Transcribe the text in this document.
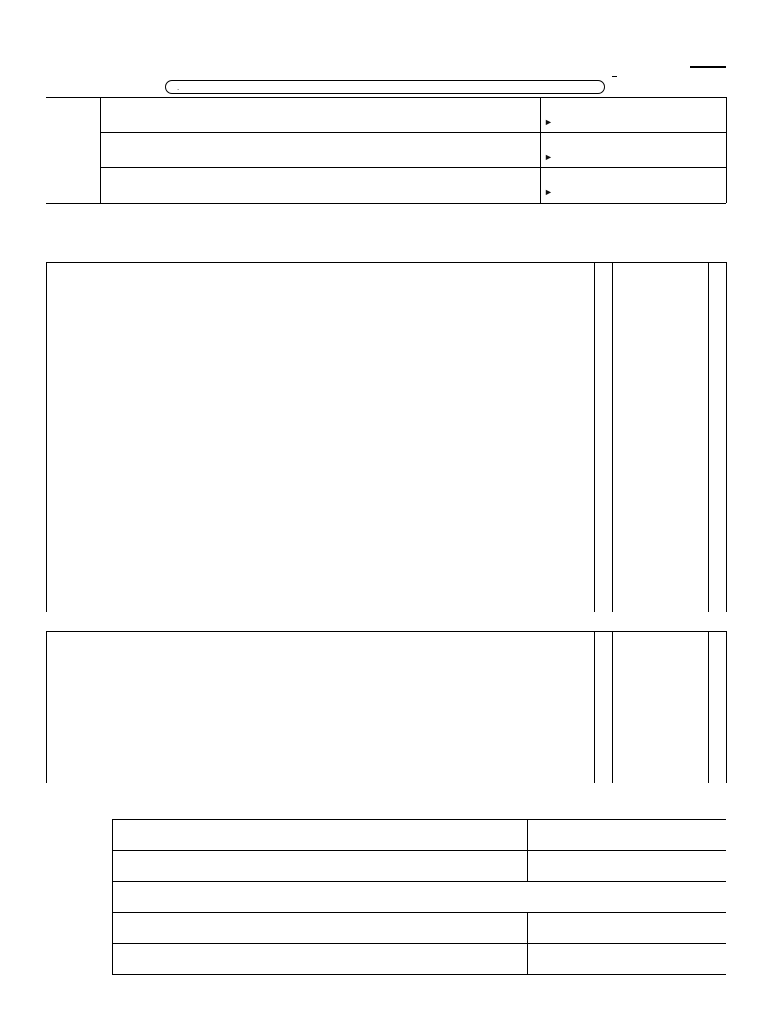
.
►
►
►
